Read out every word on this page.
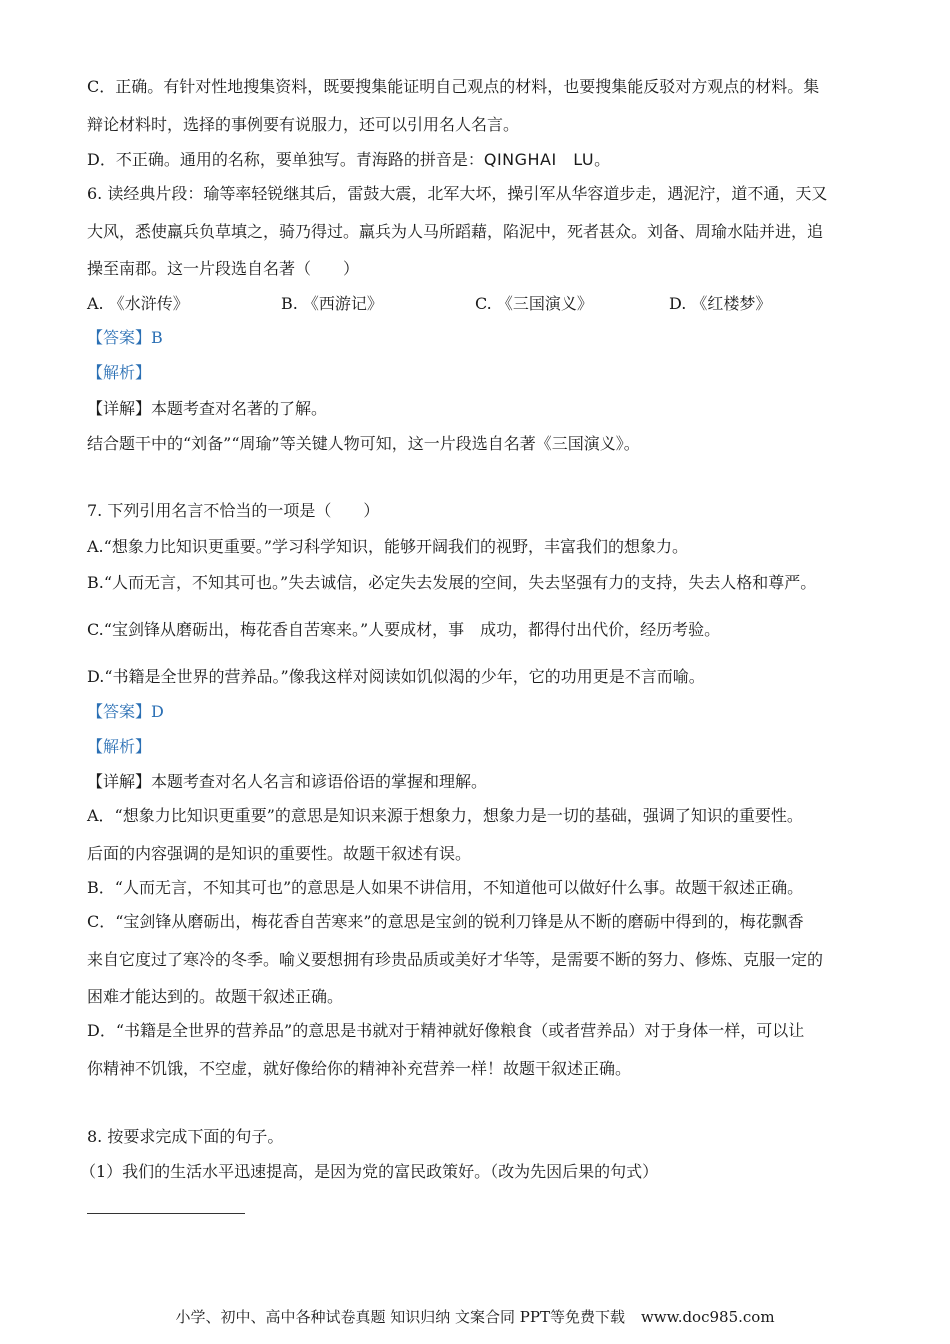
C．正确。有针对性地搜集资料，既要搜集能证明自己观点的材料，也要搜集能反驳对方观点的材料。集
辩论材料时，选择的事例要有说服力，还可以引用名人名言。
D．不正确。通用的名称，要单独写。青海路的拼音是：QINGHAI　LU。
6. 读经典片段：瑜等率轻锐继其后，雷鼓大震，北军大坏，操引军从华容道步走，遇泥泞，道不通，天又
大风，悉使羸兵负草填之，骑乃得过。羸兵为人马所蹈藉，陷泥中，死者甚众。刘备、周瑜水陆并进，追
操至南郡。这一片段选自名著（　　）
A. 《水浒传》	B. 《西游记》	C. 《三国演义》	D. 《红楼梦》
【答案】B
【解析】
【详解】本题考查对名著的了解。
结合题干中的“刘备”“周瑜”等关键人物可知，这一片段选自名著《三国演义》。
7. 下列引用名言不恰当的一项是（　　）
A.“想象力比知识更重要。”学习科学知识，能够开阔我们的视野，丰富我们的想象力。
B.“人而无言，不知其可也。”失去诚信，必定失去发展的空间，失去坚强有力的支持，失去人格和尊严。
C.“宝剑锋从磨砺出，梅花香自苦寒来。”人要成材，事　成功，都得付出代价，经历考验。
D.“书籍是全世界的营养品。”像我这样对阅读如饥似渴的少年，它的功用更是不言而喻。
【答案】D
【解析】
【详解】本题考查对名人名言和谚语俗语的掌握和理解。
A．“想象力比知识更重要”的意思是知识来源于想象力，想象力是一切的基础，强调了知识的重要性。
后面的内容强调的是知识的重要性。故题干叙述有误。
B．“人而无言，不知其可也”的意思是人如果不讲信用，不知道他可以做好什么事。故题干叙述正确。
C．“宝剑锋从磨砺出，梅花香自苦寒来”的意思是宝剑的锐利刀锋是从不断的磨砺中得到的，梅花飘香
来自它度过了寒冷的冬季。喻义要想拥有珍贵品质或美好才华等，是需要不断的努力、修炼、克服一定的
困难才能达到的。故题干叙述正确。
D．“书籍是全世界的营养品”的意思是书就对于精神就好像粮食（或者营养品）对于身体一样，可以让
你精神不饥饿，不空虚，就好像给你的精神补充营养一样！故题干叙述正确。
8. 按要求完成下面的句子。
（1）我们的生活水平迅速提高，是因为党的富民政策好。（改为先因后果的句式）
小学、初中、高中各种试卷真题 知识归纳 文案合同 PPT等免费下载 www.doc985.com
